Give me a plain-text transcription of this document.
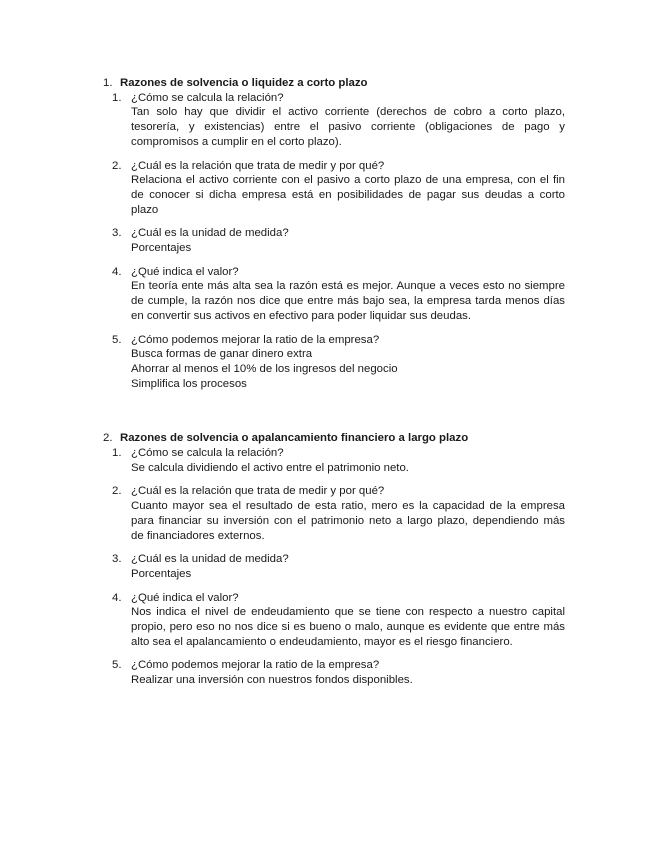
1. Razones de solvencia o liquidez a corto plazo
1. ¿Cómo se calcula la relación?
Tan solo hay que dividir el activo corriente (derechos de cobro a corto plazo,
tesorería, y existencias) entre el pasivo corriente (obligaciones de pago y
compromisos a cumplir en el corto plazo).
2. ¿Cuál es la relación que trata de medir y por qué?
Relaciona el activo corriente con el pasivo a corto plazo de una empresa, con el fin
de conocer si dicha empresa está en posibilidades de pagar sus deudas a corto
plazo
3. ¿Cuál es la unidad de medida?
Porcentajes
4. ¿Qué indica el valor?
En teoría ente más alta sea la razón está es mejor. Aunque a veces esto no siempre
de cumple, la razón nos dice que entre más bajo sea, la empresa tarda menos días
en convertir sus activos en efectivo para poder liquidar sus deudas.
5. ¿Cómo podemos mejorar la ratio de la empresa?
Busca formas de ganar dinero extra
Ahorrar al menos el 10% de los ingresos del negocio
Simplifica los procesos
2. Razones de solvencia o apalancamiento financiero a largo plazo
1. ¿Cómo se calcula la relación?
Se calcula dividiendo el activo entre el patrimonio neto.
2. ¿Cuál es la relación que trata de medir y por qué?
Cuanto mayor sea el resultado de esta ratio, mero es la capacidad de la empresa
para financiar su inversión con el patrimonio neto a largo plazo, dependiendo más
de financiadores externos.
3. ¿Cuál es la unidad de medida?
Porcentajes
4. ¿Qué indica el valor?
Nos indica el nivel de endeudamiento que se tiene con respecto a nuestro capital
propio, pero eso no nos dice si es bueno o malo, aunque es evidente que entre más
alto sea el apalancamiento o endeudamiento, mayor es el riesgo financiero.
5. ¿Cómo podemos mejorar la ratio de la empresa?
Realizar una inversión con nuestros fondos disponibles.
